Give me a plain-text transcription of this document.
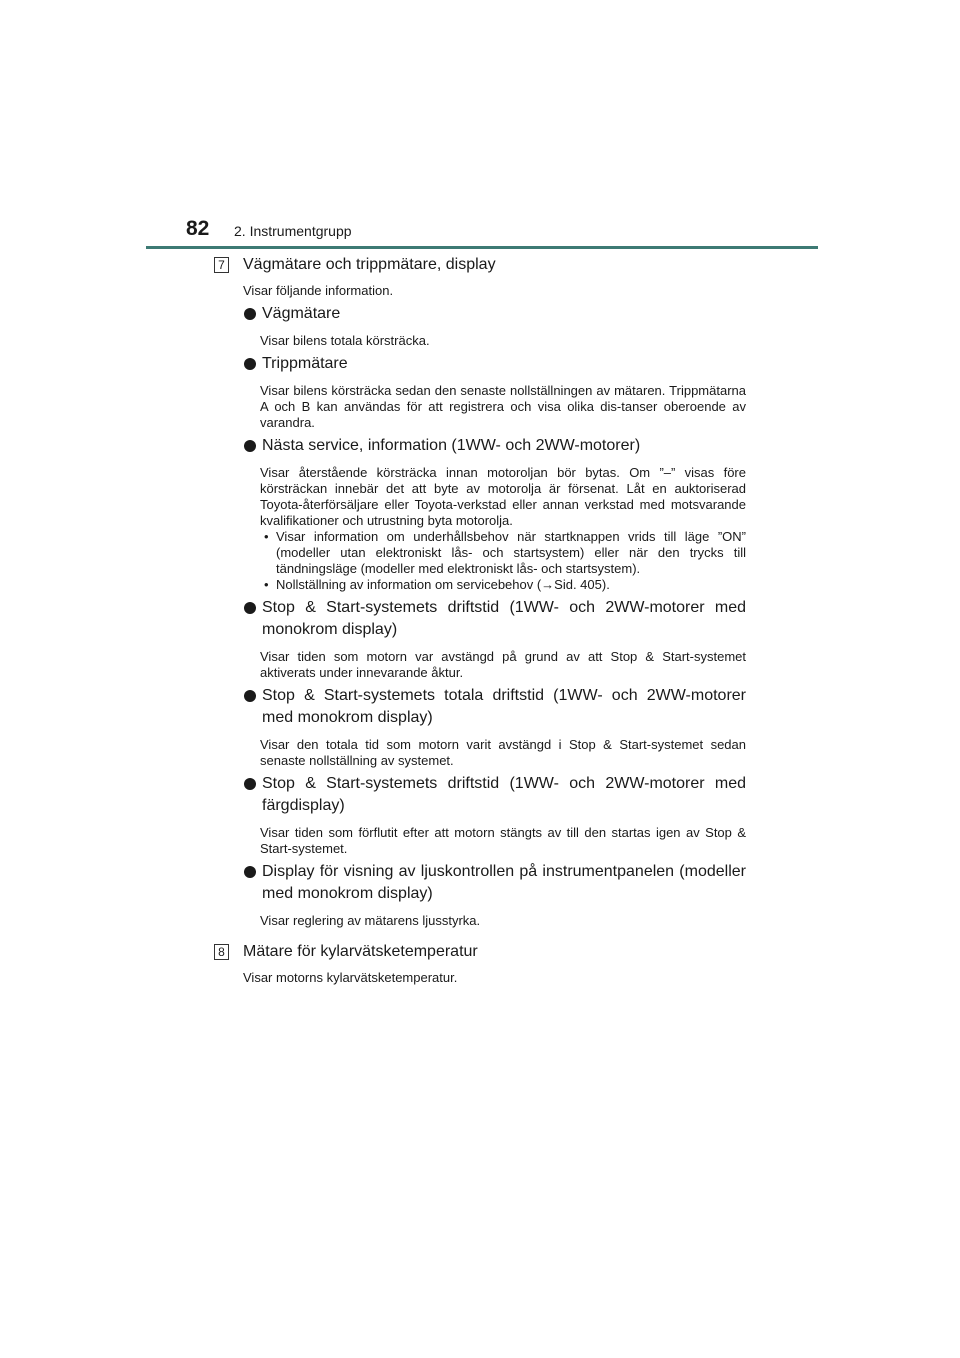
82 2. Instrumentgrupp
7 Vägmätare och trippmätare, display
Visar följande information.
Vägmätare
Visar bilens totala körsträcka.
Trippmätare
Visar bilens körsträcka sedan den senaste nollställningen av mätaren. Trippmätarna A och B kan användas för att registrera och visa olika dis-tanser oberoende av varandra.
Nästa service, information (1WW- och 2WW-motorer)
Visar återstående körsträcka innan motoroljan bör bytas. Om ”–” visas före körsträckan innebär det att byte av motorolja är försenat. Låt en auktoriserad Toyota-återförsäljare eller Toyota-verkstad eller annan verkstad med motsvarande kvalifikationer och utrustning byta motorolja.
• Visar information om underhållsbehov när startknappen vrids till läge ”ON” (modeller utan elektroniskt lås- och startsystem) eller när den trycks till tändningsläge (modeller med elektroniskt lås- och startsystem).
• Nollställning av information om servicebehov (→Sid. 405).
Stop & Start-systemets driftstid (1WW- och 2WW-motorer med monokrom display)
Visar tiden som motorn var avstängd på grund av att Stop & Start-systemet aktiverats under innevarande åktur.
Stop & Start-systemets totala driftstid (1WW- och 2WW-motorer med monokrom display)
Visar den totala tid som motorn varit avstängd i Stop & Start-systemet sedan senaste nollställning av systemet.
Stop & Start-systemets driftstid (1WW- och 2WW-motorer med färgdisplay)
Visar tiden som förflutit efter att motorn stängts av till den startas igen av Stop & Start-systemet.
Display för visning av ljuskontrollen på instrumentpanelen (modeller med monokrom display)
Visar reglering av mätarens ljusstyrka.
8 Mätare för kylarvätsketemperatur
Visar motorns kylarvätsketemperatur.
